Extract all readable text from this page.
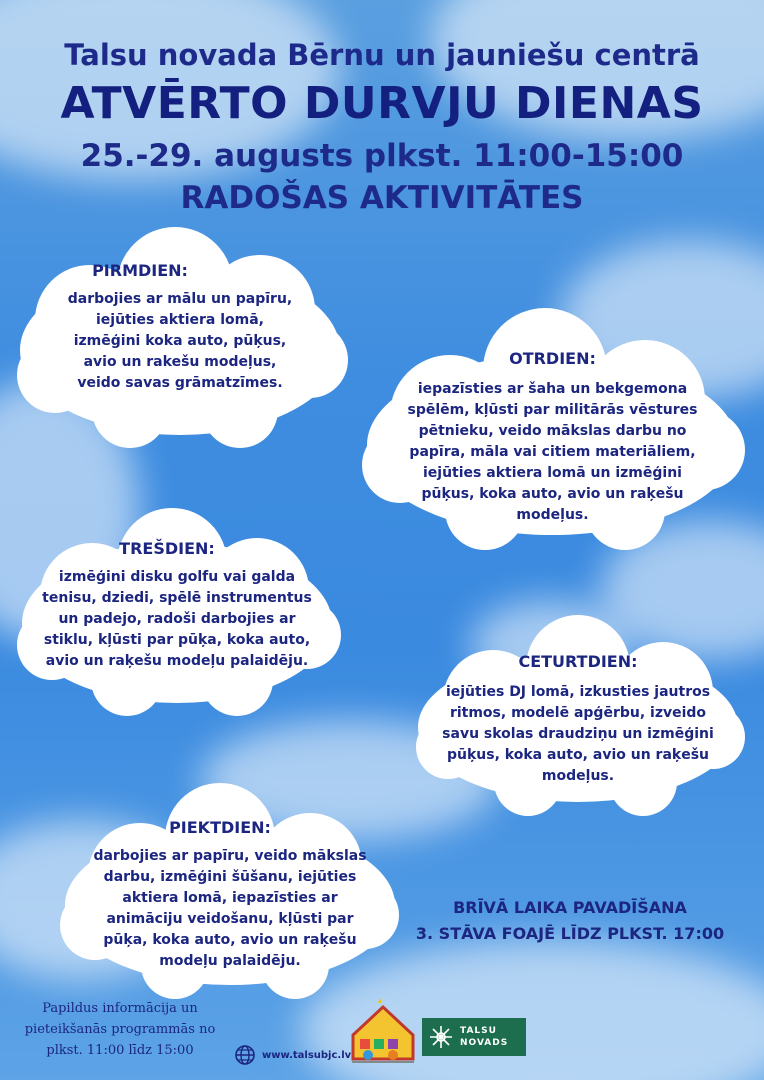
Talsu novada Bērnu un jauniešu centrā
ATVĒRTO DURVJU DIENAS
25.-29. augusts plkst. 11:00-15:00
RADOŠAS AKTIVITĀTES
PIRMDIEN:
darbojies ar mālu un papīru,
iejūties aktiera lomā,
izmēģini koka auto, pūķus,
avio un rakešu modeļus,
veido savas grāmatzīmes.
OTRDIEN:
iepazīsties ar šaha un bekgemona
spēlēm, kļūsti par militārās vēstures
pētnieku, veido mākslas darbu no
papīra, māla vai citiem materiāliem,
iejūties aktiera lomā un izmēģini
pūķus, koka auto, avio un raķešu
modeļus.
TREŠDIEN:
izmēģini disku golfu vai galda
tenisu, dziedi, spēlē instrumentus
un padejo, radoši darbojies ar
stiklu, kļūsti par pūķa, koka auto,
avio un raķešu modeļu palaidēju.	CETURTDIEN:
iejūties DJ lomā, izkusties jautros
ritmos, modelē apģērbu, izveido
savu skolas draudziņu un izmēģini
pūķus, koka auto, avio un raķešu
modeļus.
PIEKTDIEN:
darbojies ar papīru, veido mākslas
darbu, izmēģini šūšanu, iejūties
aktiera lomā, iepazīsties ar
animāciju veidošanu, kļūsti par
pūķa, koka auto, avio un raķešu
modeļu palaidēju.
BRĪVĀ LAIKA PAVADĪŠANA
3. STĀVA FOAJĒ LĪDZ PLKST. 17:00
Papildus informācija un
pieteikšanās programmās no
plkst. 11:00 līdz 15:00	www.talsubjc.lv
TALSU
NOVADS
